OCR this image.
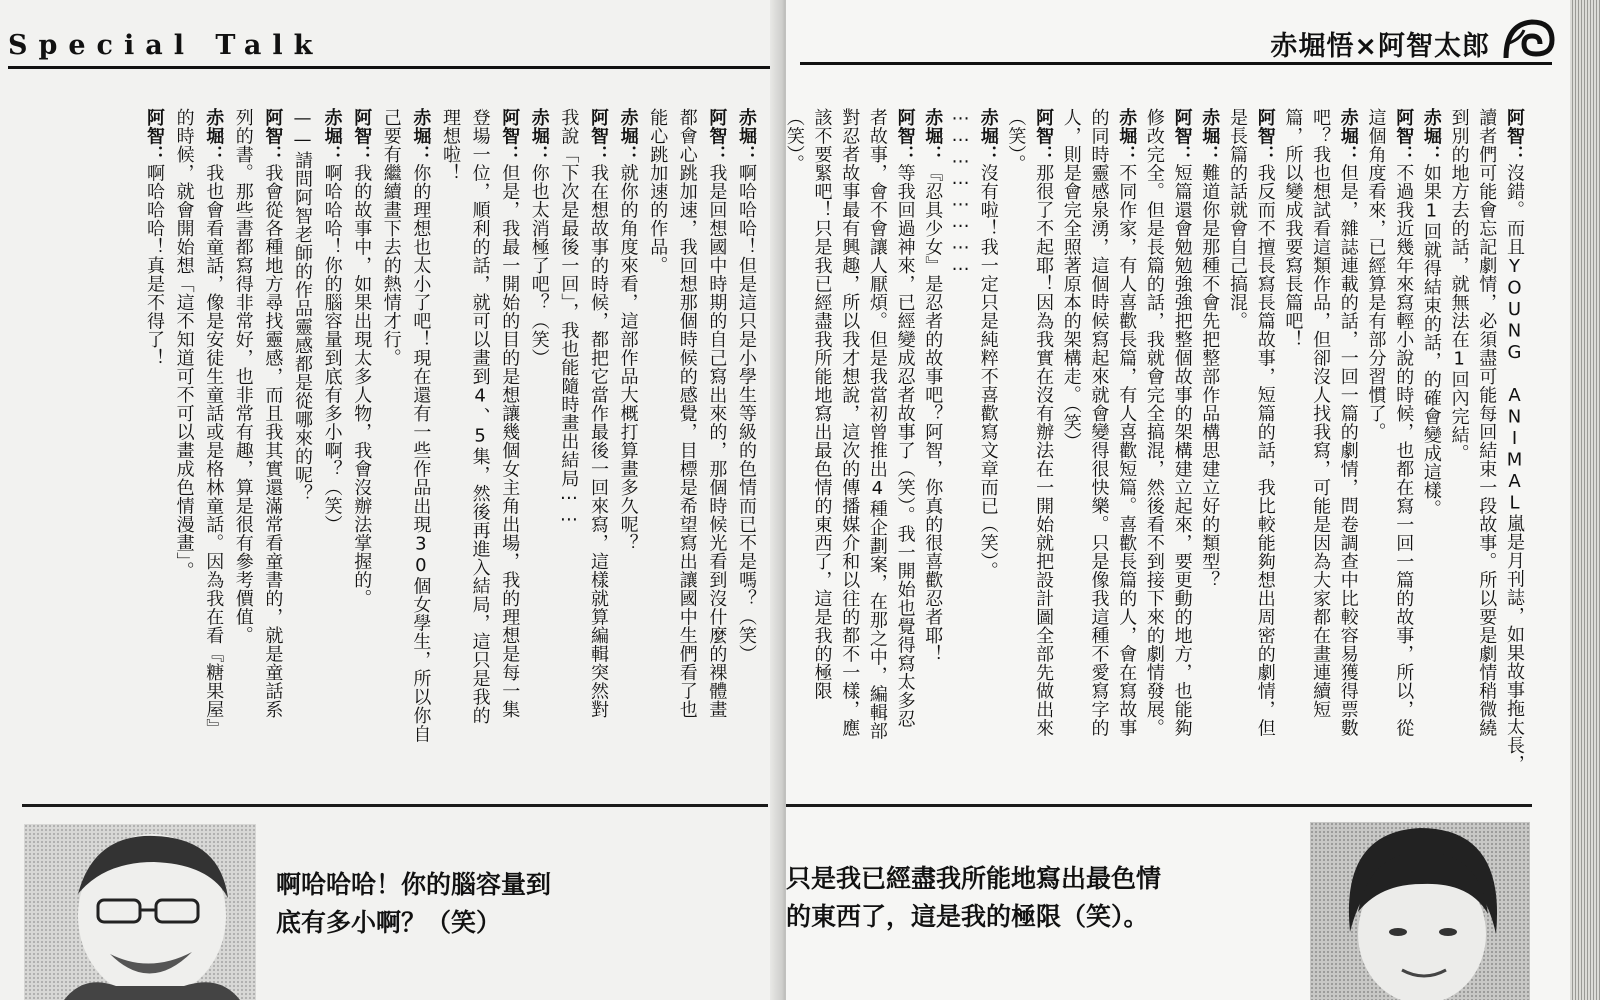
Special Talk
赤堀：啊哈哈哈！但是這只是小學生等級的色情而已不是嗎？（笑）
阿智：我是回想國中時期的自己寫出來的，那個時候光看到沒什麼的裸體畫
都會心跳加速，我回想那個時候的感覺，目標是希望寫出讓國中生們看了也
能心跳加速的作品。
赤堀：就你的角度來看，這部作品大概打算畫多久呢？
阿智：我在想故事的時候，都把它當作最後一回來寫，這樣就算編輯突然對
我說「下次是最後一回」，我也能隨時畫出結局⋯⋯
赤堀：你也太消極了吧？（笑）
阿智：但是，我最一開始的目的是想讓幾個女主角出場，我的理想是每一集
登場一位，順利的話，就可以畫到4、5集，然後再進入結局，這只是我的
理想啦！
赤堀：你的理想也太小了吧！現在還有一些作品出現30個女學生，所以你自
己要有繼續畫下去的熱情才行。
阿智：我的故事中，如果出現太多人物，我會沒辦法掌握的。
赤堀：啊哈哈哈！你的腦容量到底有多小啊？（笑）
——請問阿智老師的作品靈感都是從哪來的呢？
阿智：我會從各種地方尋找靈感，而且我其實還滿常看童書的，就是童話系
列的書。那些書都寫得非常好，也非常有趣，算是很有參考價值。
赤堀：我也會看童話，像是安徒生童話或是格林童話。因為我在看『糖果屋』
的時候，就會開始想「這不知道可不可以畫成色情漫畫」。
阿智：啊哈哈哈！真是不得了！
啊哈哈哈！你的腦容量到
底有多小啊？（笑）
赤堀悟×阿智太郎
阿智：沒錯。而且YOUNG ANIMAL嵐是月刊誌，如果故事拖太長，
讀者們可能會忘記劇情，必須盡可能每回結束一段故事。所以要是劇情稍微繞
到別的地方去的話，就無法在1回內完結。
赤堀：如果1回就得結束的話，的確會變成這樣。
阿智：不過我近幾年來寫輕小說的時候，也都在寫一回一篇的故事，所以，從
這個角度看來，已經算是有部分習慣了。
赤堀：但是，雜誌連載的話，一回一篇的劇情，問卷調查中比較容易獲得票數
吧？我也想試看這類作品，但卻沒人找我寫，可能是因為大家都在畫連續短
篇，所以變成我要寫長篇吧！
阿智：我反而不擅長寫長篇故事，短篇的話，我比較能夠想出周密的劇情，但
是長篇的話就會自己搞混。
赤堀：難道你是那種不會先把整部作品構思建立好的類型？
阿智：短篇還會勉勉強強把整個故事的架構建立起來，要更動的地方，也能夠
修改完全。但是長篇的話，我就會完全搞混，然後看不到接下來的劇情發展。
赤堀：不同作家，有人喜歡長篇，有人喜歡短篇。喜歡長篇的人，會在寫故事
的同時靈感泉湧，這個時候寫起來就會變得很快樂。只是像我這種不愛寫字的
人，則是會完全照著原本的架構走。（笑）
阿智：那很了不起耶！因為我實在沒有辦法在一開始就把設計圖全部先做出來
（笑）。
赤堀：沒有啦！我一定只是純粹不喜歡寫文章而已（笑）。
⋯⋯⋯⋯⋯⋯⋯⋯
赤堀：『忍具少女』是忍者的故事吧？阿智，你真的很喜歡忍者耶！
阿智：等我回過神來，已經變成忍者故事了（笑）。我一開始也覺得寫太多忍
者故事，會不會讓人厭煩。但是我當初曾推出4種企劃案，在那之中，編輯部
對忍者故事最有興趣，所以我才想說，這次的傳播媒介和以往的都不一樣，應
該不要緊吧！只是我已經盡我所能地寫出最色情的東西了，這是我的極限
（笑）。
只是我已經盡我所能地寫出最色情
的東西了，這是我的極限（笑）。
